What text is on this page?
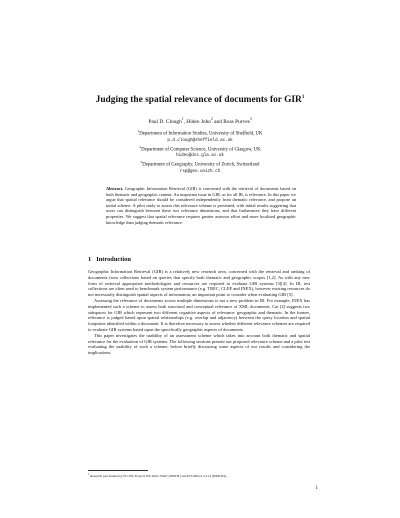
Judging the spatial relevance of documents for GIR$^1$
Paul D. Clough$^1$, Hideo Joho$^2$ and Ross Purves$^3$
$^1$Department of Information Studies, University of Sheffield, UK
p.d.clough@sheffield.ac.uk
$^2$Department of Computer Science, University of Glasgow, UK
hideo@dcs.gla.ac.uk
$^3$Department of Geography, University of Zurich, Switzerland
rsp@geo.unizh.ch
Abstract. Geographic Information Retrieval (GIR) is concerned with the retrieval of documents based on both thematic and geographic content. An important issue in GIR, as for all IR, is relevance. In this paper we argue that spatial relevance should be considered independently from thematic relevance, and propose an initial scheme. A pilot study to assess this relevance scheme is presented, with initial results suggesting that users can distinguish between these two relevance dimensions, and that furthermore they have different properties. We suggest that spatial relevance requires greater assessor effort and more localised geographic knowledge than judging thematic relevance.
1 Introduction

Geographic Information Retrieval (GIR) is a relatively new research area, concerned with the retrieval and ranking of documents from collections based on queries that specify both thematic and geographic scopes [1,2]. As with any new form of retrieval appropriate methodologies and resources are required to evaluate GIR systems [3][4]. In IR, test collections are often used to benchmark system performance (e.g. TREC, CLEF and INEX), however existing resources do not necessarily distinguish spatial aspects of information, an important point to consider when evaluating GIR [5].

Assessing the relevance of documents across multiple dimensions is not a new problem in IR. For example, INEX has implemented such a scheme to assess both structural and conceptual relevance of XML documents. Cai [2] suggests two subspaces for GIR which represent two different cognitive aspects of relevance: geographic and thematic. In the former, relevance is judged based upon spatial relationships (e.g. overlap and adjacency) between the query location and spatial footprints identified within a document. It is therefore necessary to assess whether different relevance schemes are required to evaluate GIR systems based upon the specifically geographic aspects of documents.

This paper investigates the usability of an assessment scheme which takes into account both thematic and spatial relevance for the evaluation of GIR systems. The following sections present our proposed relevance scheme and a pilot test evaluating the usability of such a scheme, before briefly discussing some aspects of our results and considering the implications.

$^1$ Research part-funded by EU-IST Projects IST-2001-35047 (SPIRIT) and IST-2002-2.3.1.12 (BRICKS).
1
